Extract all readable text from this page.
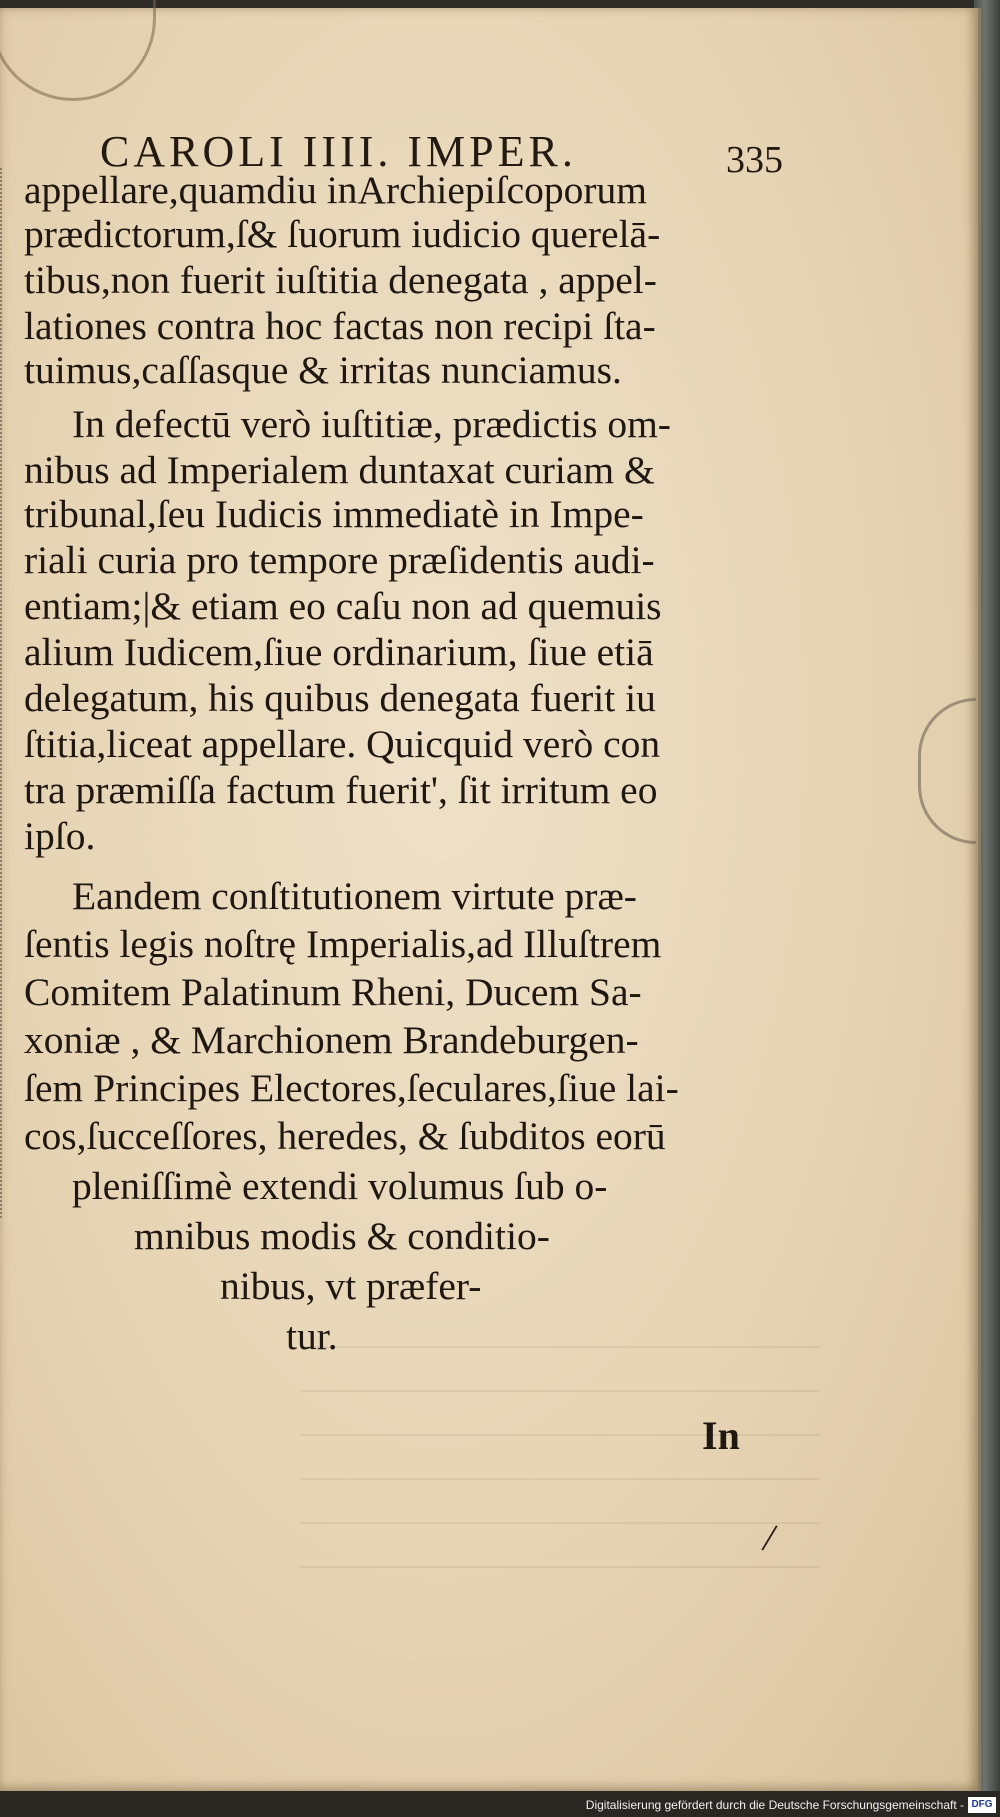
CAROLI IIII. IMPER.	335
appellare,quamdiu inArchiepiſcoporum
prædictorum,ſ& ſuorum iudicio querelā-
tibus,non fuerit iuſtitia denegata , appel-
lationes contra hoc factas non recipi ſta-
tuimus,caſſasque & irritas nunciamus.
In defectū verò iuſtitiæ, prædictis om-
nibus ad Imperialem duntaxat curiam &
tribunal,ſeu Iudicis immediatè in Impe-
riali curia pro tempore præſidentis audi-
entiam;|& etiam eo caſu non ad quemuis
alium Iudicem,ſiue ordinarium, ſiue etiā
delegatum, his quibus denegata fuerit iu
ſtitia,liceat appellare. Quicquid verò con
tra præmiſſa factum fuerit', ſit irritum eo
ipſo.
Eandem conſtitutionem virtute præ-
ſentis legis noſtrę Imperialis,ad Illuſtrem
Comitem Palatinum Rheni, Ducem Sa-
xoniæ , & Marchionem Brandeburgen-
ſem Principes Electores,ſeculares,ſiue lai-
cos,ſucceſſores, heredes, & ſubditos eorū
pleniſſimè extendi volumus ſub o-
mnibus modis & conditio-
nibus, vt præfer-
tur.
In
/
Digitalisierung gefördert durch die Deutsche Forschungsgemeinschaft - DFG
